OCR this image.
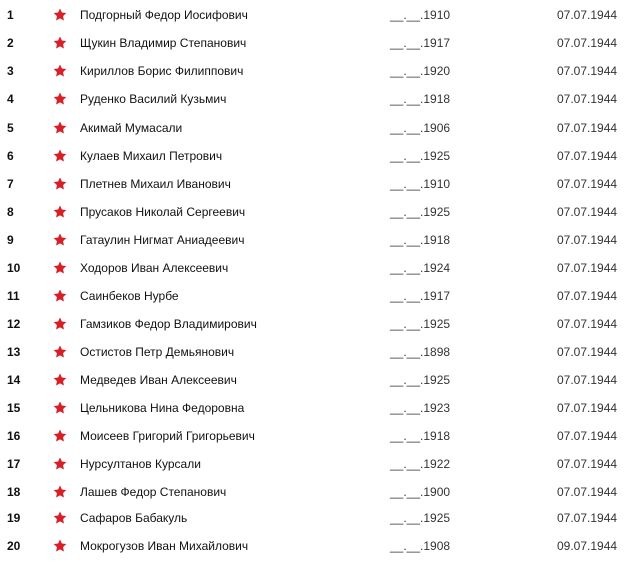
1	Подгорный Федор Иосифович	__.__.1910	07.07.1944
2	Щукин Владимир Степанович	__.__.1917	07.07.1944
3	Кириллов Борис Филиппович	__.__.1920	07.07.1944
4	Руденко Василий Кузьмич	__.__.1918	07.07.1944
5	Акимай Мумасали	__.__.1906	07.07.1944
6	Кулаев Михаил Петрович	__.__.1925	07.07.1944
7	Плетнев Михаил Иванович	__.__.1910	07.07.1944
8	Прусаков Николай Сергеевич	__.__.1925	07.07.1944
9	Гатаулин Нигмат Аниадеевич	__.__.1918	07.07.1944
10	Ходоров Иван Алексеевич	__.__.1924	07.07.1944
11	Саинбеков Нурбе	__.__.1917	07.07.1944
12	Гамзиков Федор Владимирович	__.__.1925	07.07.1944
13	Остистов Петр Демьянович	__.__.1898	07.07.1944
14	Медведев Иван Алексеевич	__.__.1925	07.07.1944
15	Цельникова Нина Федоровна	__.__.1923	07.07.1944
16	Моисеев Григорий Григорьевич	__.__.1918	07.07.1944
17	Нурсултанов Курсали	__.__.1922	07.07.1944
18	Лашев Федор Степанович	__.__.1900	07.07.1944
19	Сафаров Бабакуль	__.__.1925	07.07.1944
20	Мокрогузов Иван Михайлович	__.__.1908	09.07.1944
